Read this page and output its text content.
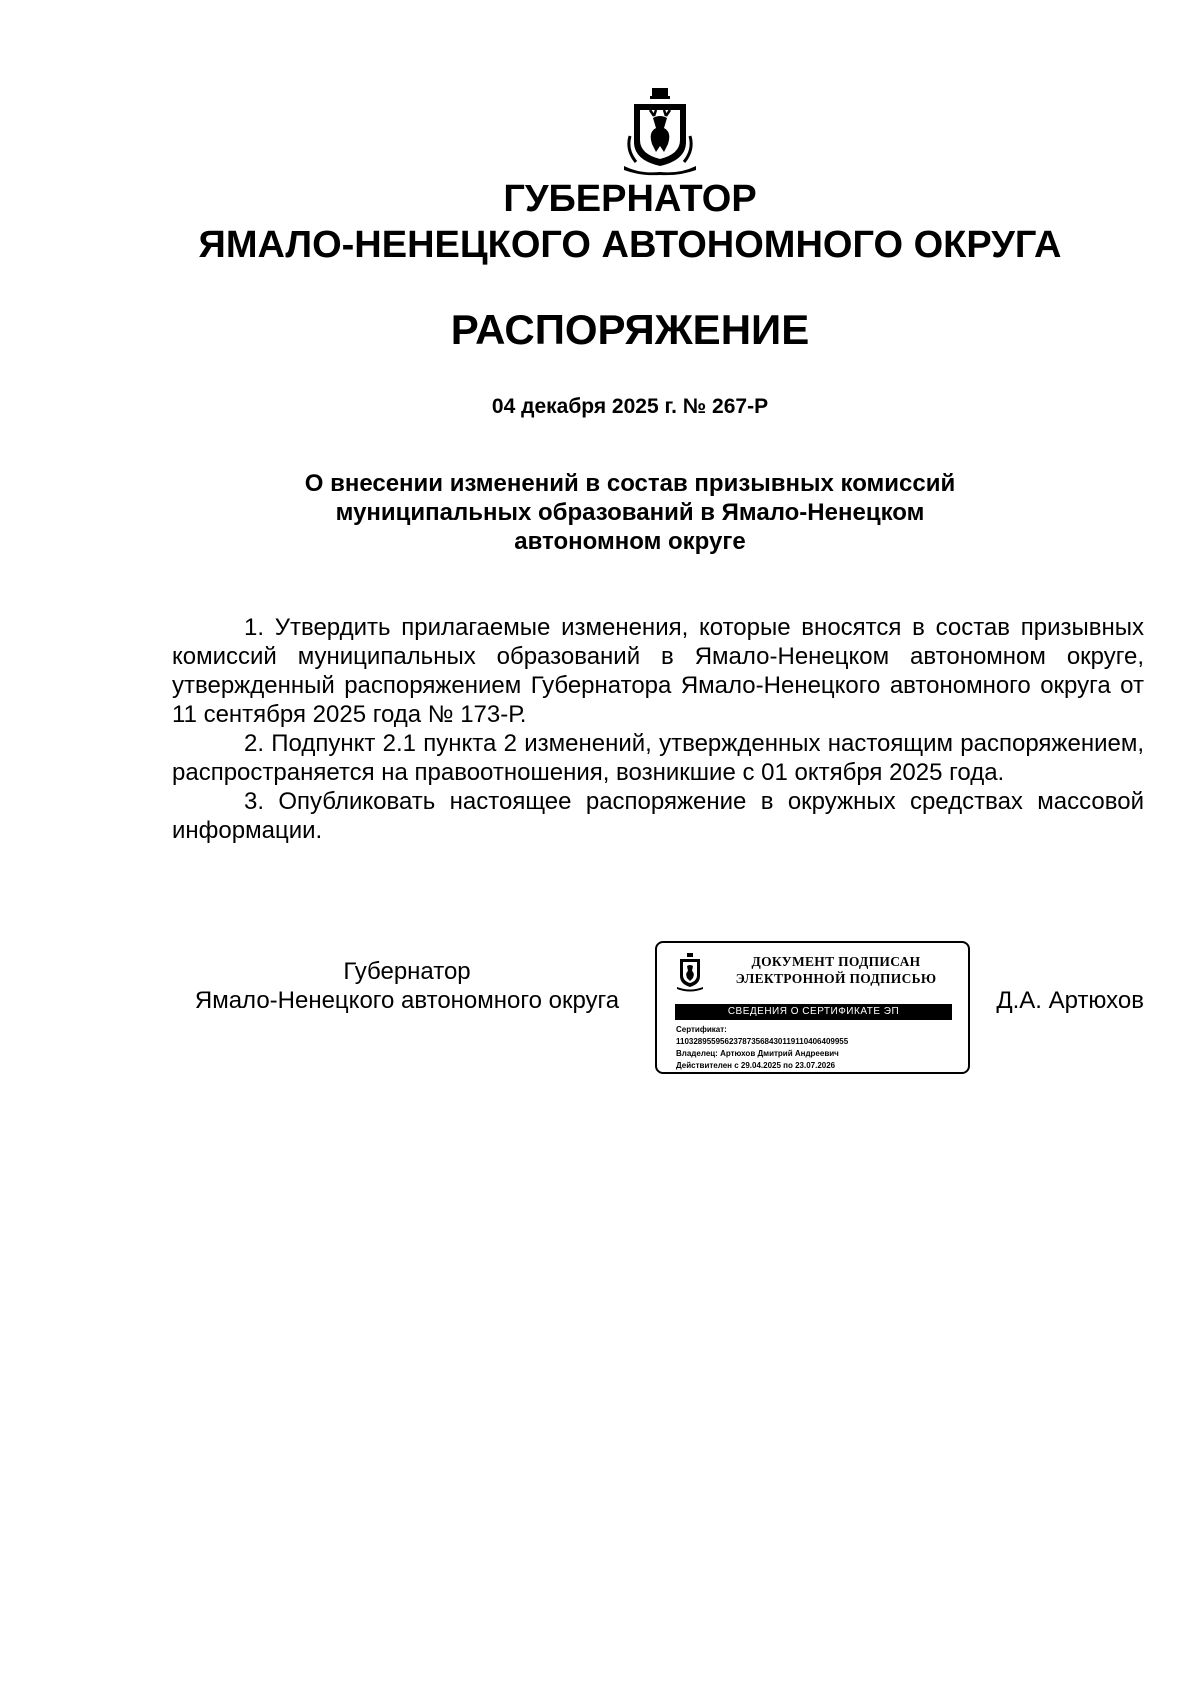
ГУБЕРНАТОР
ЯМАЛО-НЕНЕЦКОГО АВТОНОМНОГО ОКРУГА
РАСПОРЯЖЕНИЕ
04 декабря 2025 г. № 267-Р
О внесении изменений в состав призывных комиссий
муниципальных образований в Ямало-Ненецком
автономном округе

1. Утвердить прилагаемые изменения, которые вносятся в состав призывных комиссий муниципальных образований в Ямало-Ненецком автономном округе, утвержденный распоряжением Губернатора Ямало-Ненецкого автономного округа от 11 сентября 2025 года № 173-Р.

2. Подпункт 2.1 пункта 2 изменений, утвержденных настоящим распоряжением, распространяется на правоотношения, возникшие с 01 октября 2025 года.

3. Опубликовать настоящее распоряжение в окружных средствах массовой информации.

Губернатор
Ямало-Ненецкого автономного округа
ДОКУМЕНТ ПОДПИСАН
ЭЛЕКТРОННОЙ ПОДПИСЬЮ
СВЕДЕНИЯ О СЕРТИФИКАТЕ ЭП
Сертификат:
110328955956237873568430119110406409955
Владелец: Артюхов Дмитрий Андреевич
Действителен с 29.04.2025 по 23.07.2026
Д.А. Артюхов
